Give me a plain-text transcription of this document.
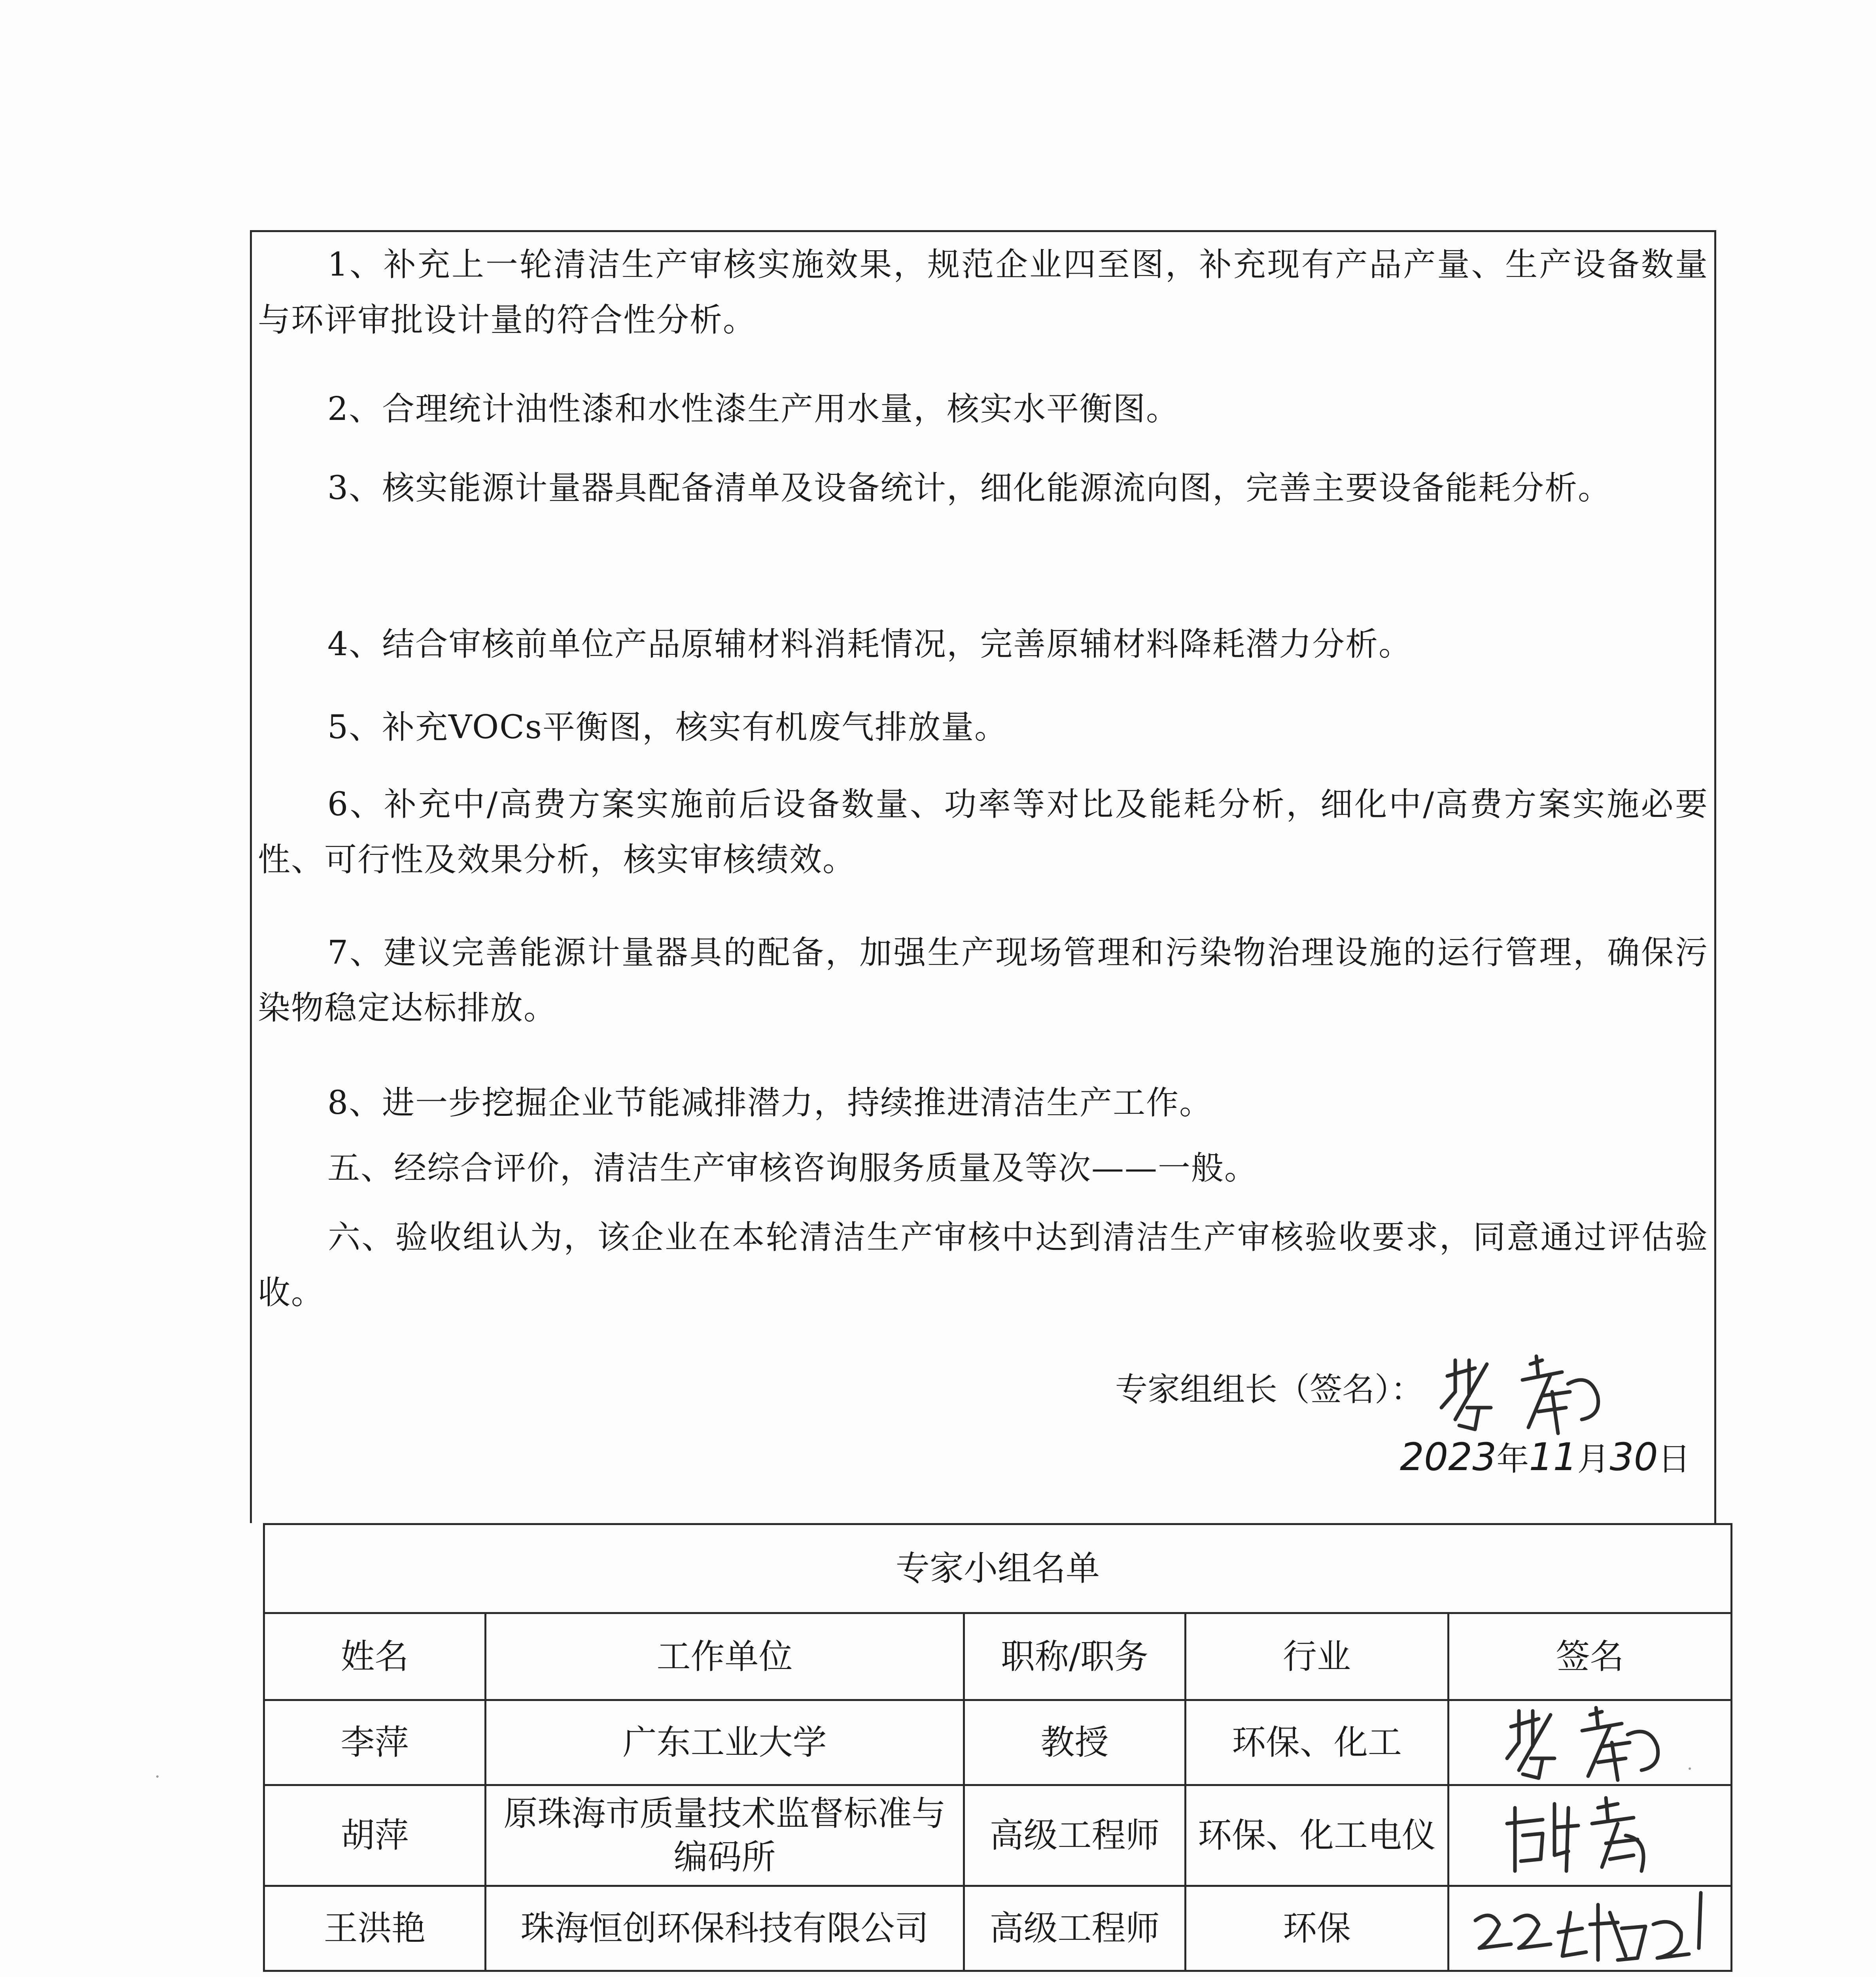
1、补充上一轮清洁生产审核实施效果，规范企业四至图，补充现有产品产量、生产设备数量与环评审批设计量的符合性分析。
2、合理统计油性漆和水性漆生产用水量，核实水平衡图。
3、核实能源计量器具配备清单及设备统计，细化能源流向图，完善主要设备能耗分析。
4、结合审核前单位产品原辅材料消耗情况，完善原辅材料降耗潜力分析。
5、补充VOCs平衡图，核实有机废气排放量。
6、补充中/高费方案实施前后设备数量、功率等对比及能耗分析，细化中/高费方案实施必要性、可行性及效果分析，核实审核绩效。
7、建议完善能源计量器具的配备，加强生产现场管理和污染物治理设施的运行管理，确保污染物稳定达标排放。
8、进一步挖掘企业节能减排潜力，持续推进清洁生产工作。
五、经综合评价，清洁生产审核咨询服务质量及等次——一般。
六、验收组认为，该企业在本轮清洁生产审核中达到清洁生产审核验收要求，同意通过评估验收。
专家组组长（签名）：
2023年11月30日
专家小组名单				
姓名	工作单位	职称/职务	行业	签名
李萍	广东工业大学	教授	环保、化工	

胡萍	原珠海市质量技术监督标准与编码所	高级工程师	环保、化工电仪	

王洪艳	珠海恒创环保科技有限公司	高级工程师	环保	
